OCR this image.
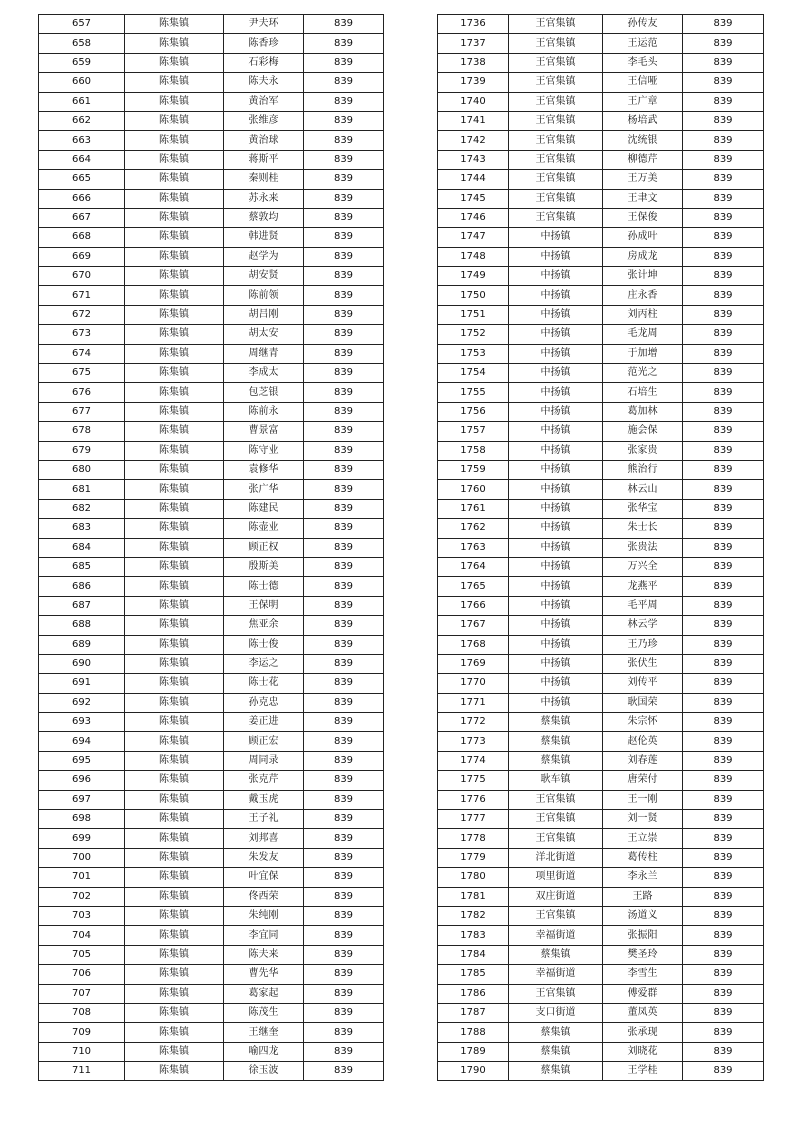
657	陈集镇	尹夫环	839
658	陈集镇	陈香珍	839
659	陈集镇	石彩梅	839
660	陈集镇	陈夫永	839
661	陈集镇	黄治军	839
662	陈集镇	张维彦	839
663	陈集镇	黄治球	839
664	陈集镇	蒋斯平	839
665	陈集镇	秦则桂	839
666	陈集镇	苏永来	839
667	陈集镇	蔡敦均	839
668	陈集镇	韩进贤	839
669	陈集镇	赵学为	839
670	陈集镇	胡安贤	839
671	陈集镇	陈前领	839
672	陈集镇	胡吕刚	839
673	陈集镇	胡太安	839
674	陈集镇	周继青	839
675	陈集镇	李成太	839
676	陈集镇	包芝银	839
677	陈集镇	陈前永	839
678	陈集镇	曹景富	839
679	陈集镇	陈守业	839
680	陈集镇	袁修华	839
681	陈集镇	张广华	839
682	陈集镇	陈建民	839
683	陈集镇	陈壶业	839
684	陈集镇	顾正权	839
685	陈集镇	殷斯美	839
686	陈集镇	陈士德	839
687	陈集镇	王保明	839
688	陈集镇	焦亚余	839
689	陈集镇	陈士俊	839
690	陈集镇	李运之	839
691	陈集镇	陈士花	839
692	陈集镇	孙克忠	839
693	陈集镇	姜正进	839
694	陈集镇	顾正宏	839
695	陈集镇	周同录	839
696	陈集镇	张克芹	839
697	陈集镇	戴玉虎	839
698	陈集镇	王子礼	839
699	陈集镇	刘邦喜	839
700	陈集镇	朱发友	839
701	陈集镇	叶宜保	839
702	陈集镇	佟西荣	839
703	陈集镇	朱纯刚	839
704	陈集镇	李宜同	839
705	陈集镇	陈夫来	839
706	陈集镇	曹先华	839
707	陈集镇	葛家起	839
708	陈集镇	陈茂生	839
709	陈集镇	王继奎	839
710	陈集镇	喻四龙	839
711	陈集镇	徐玉波	839
1736	王官集镇	孙传友	839
1737	王官集镇	王运范	839
1738	王官集镇	李毛头	839
1739	王官集镇	王信哑	839
1740	王官集镇	王广章	839
1741	王官集镇	杨培武	839
1742	王官集镇	沈统银	839
1743	王官集镇	柳德芹	839
1744	王官集镇	王万美	839
1745	王官集镇	王聿文	839
1746	王官集镇	王保俊	839
1747	中扬镇	孙成叶	839
1748	中扬镇	房成龙	839
1749	中扬镇	张计坤	839
1750	中扬镇	庄永香	839
1751	中扬镇	刘丙柱	839
1752	中扬镇	毛龙周	839
1753	中扬镇	于加增	839
1754	中扬镇	范光之	839
1755	中扬镇	石培生	839
1756	中扬镇	葛加林	839
1757	中扬镇	施会保	839
1758	中扬镇	张家贵	839
1759	中扬镇	熊治行	839
1760	中扬镇	林云山	839
1761	中扬镇	张华宝	839
1762	中扬镇	朱士长	839
1763	中扬镇	张贵法	839
1764	中扬镇	万兴全	839
1765	中扬镇	龙燕平	839
1766	中扬镇	毛平周	839
1767	中扬镇	林云学	839
1768	中扬镇	王乃珍	839
1769	中扬镇	张伏生	839
1770	中扬镇	刘传平	839
1771	中扬镇	耿国荣	839
1772	蔡集镇	朱宗怀	839
1773	蔡集镇	赵伦英	839
1774	蔡集镇	刘春莲	839
1775	耿车镇	唐荣付	839
1776	王官集镇	王一刚	839
1777	王官集镇	刘一贤	839
1778	王官集镇	王立崇	839
1779	洋北街道	葛传柱	839
1780	项里街道	李永兰	839
1781	双庄街道	王路	839
1782	王官集镇	汤道义	839
1783	幸福街道	张振阳	839
1784	蔡集镇	樊圣玲	839
1785	幸福街道	李雪生	839
1786	王官集镇	傅爱群	839
1787	支口街道	董凤英	839
1788	蔡集镇	张承现	839
1789	蔡集镇	刘晓花	839
1790	蔡集镇	王学桂	839
